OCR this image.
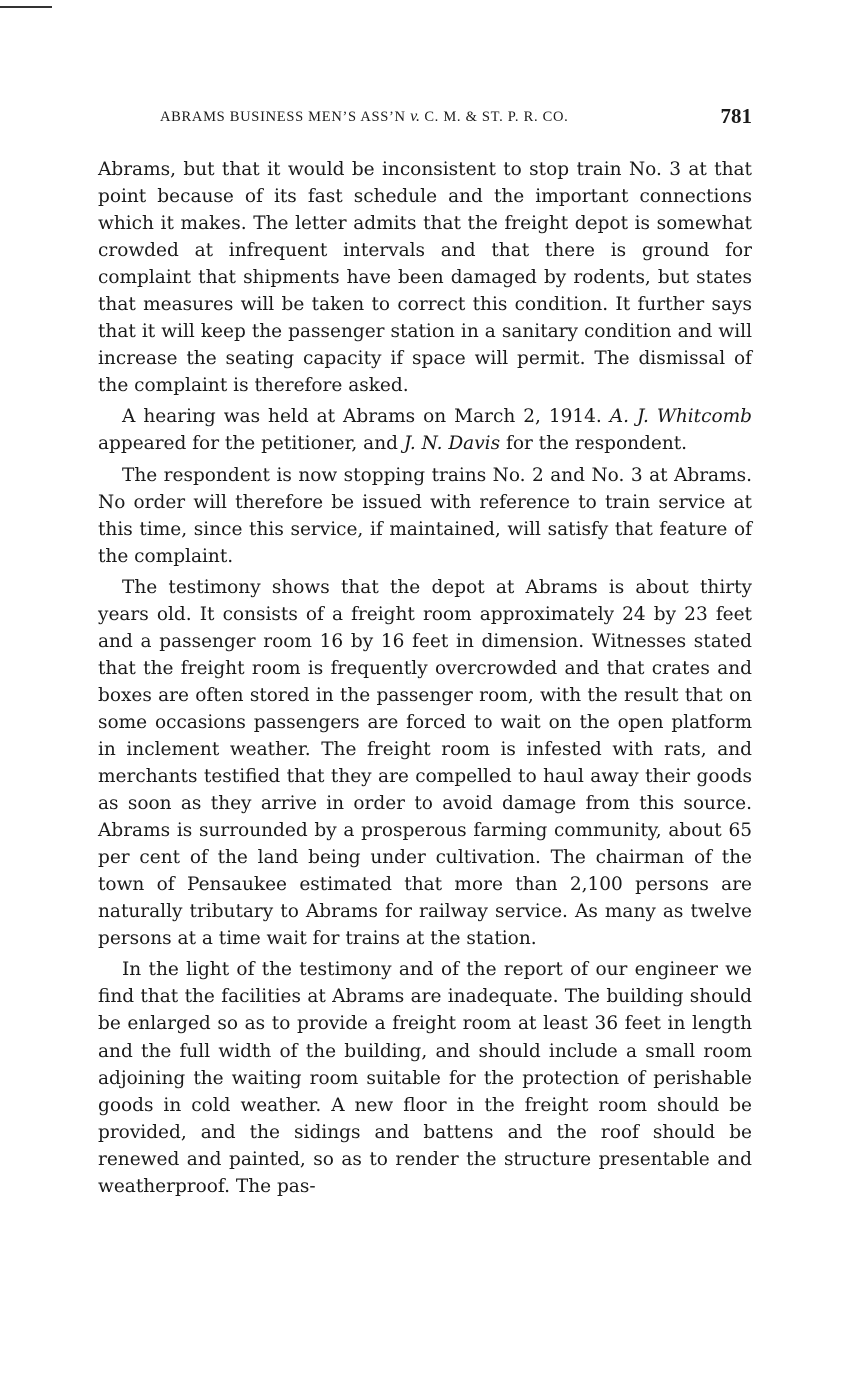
ABRAMS BUSINESS MEN’S ASS’N v. C. M. & ST. P. R. CO.	781

Abrams, but that it would be inconsistent to stop train No. 3 at that point because of its fast schedule and the important connections which it makes. The letter admits that the freight depot is somewhat crowded at infrequent intervals and that there is ground for complaint that shipments have been damaged by rodents, but states that measures will be taken to correct this condition. It further says that it will keep the passenger station in a sanitary condition and will increase the seating capacity if space will permit. The dismissal of the complaint is therefore asked.

A hearing was held at Abrams on March 2, 1914. A. J. Whitcomb appeared for the petitioner, and J. N. Davis for the respondent.

The respondent is now stopping trains No. 2 and No. 3 at Abrams. No order will therefore be issued with reference to train service at this time, since this service, if maintained, will satisfy that feature of the complaint.

The testimony shows that the depot at Abrams is about thirty years old. It consists of a freight room approximately 24 by 23 feet and a passenger room 16 by 16 feet in dimension. Witnesses stated that the freight room is frequently overcrowded and that crates and boxes are often stored in the passenger room, with the result that on some occasions passengers are forced to wait on the open platform in inclement weather. The freight room is infested with rats, and merchants testified that they are compelled to haul away their goods as soon as they arrive in order to avoid damage from this source. Abrams is surrounded by a prosperous farming community, about 65 per cent of the land being under cultivation. The chairman of the town of Pensaukee estimated that more than 2,100 persons are naturally tributary to Abrams for railway service. As many as twelve persons at a time wait for trains at the station.

In the light of the testimony and of the report of our engineer we find that the facilities at Abrams are inadequate. The building should be enlarged so as to provide a freight room at least 36 feet in length and the full width of the building, and should include a small room adjoining the waiting room suitable for the protection of perishable goods in cold weather. A new floor in the freight room should be provided, and the sidings and battens and the roof should be renewed and painted, so as to render the structure presentable and weatherproof. The pas-
